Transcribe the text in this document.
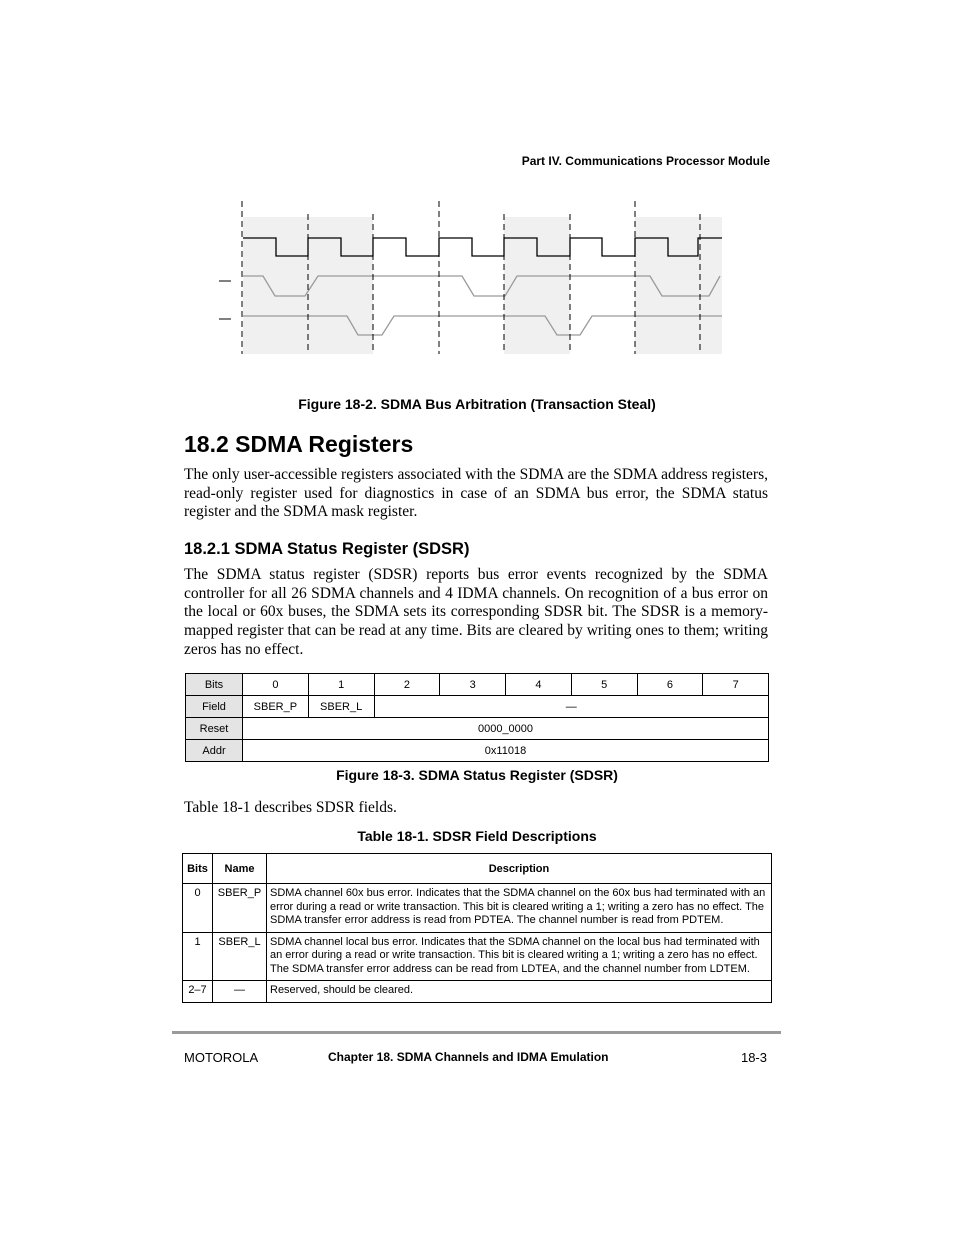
Part IV. Communications Processor Module
Figure 18-2. SDMA Bus Arbitration (Transaction Steal)
18.2 SDMA Registers

The only user-accessible registers associated with the SDMA are the SDMA address registers, read-only register used for diagnostics in case of an SDMA bus error, the SDMA status register and the SDMA mask register.

18.2.1 SDMA Status Register (SDSR)

The SDMA status register (SDSR) reports bus error events recognized by the SDMA controller for all 26 SDMA channels and 4 IDMA channels. On recognition of a bus error on the local or 60x buses, the SDMA sets its corresponding SDSR bit. The SDSR is a memory-mapped register that can be read at any time. Bits are cleared by writing ones to them; writing zeros has no effect.

Bits	0	1	2	3	4	5	6	7
Field	SBER_P	SBER_L	—					
Reset	0000_0000							
Addr	0x11018							
Figure 18-3. SDMA Status Register (SDSR)

Table 18-1 describes SDSR fields.

Table 18-1. SDSR Field Descriptions
Bits	Name	Description
0	SBER_P	SDMA channel 60x bus error. Indicates that the SDMA channel on the 60x bus had terminated with an error during a read or write transaction. This bit is cleared writing a 1; writing a zero has no effect. The SDMA transfer error address is read from PDTEA. The channel number is read from PDTEM.
1	SBER_L	SDMA channel local bus error. Indicates that the SDMA channel on the local bus had terminated with an error during a read or write transaction. This bit is cleared writing a 1; writing a zero has no effect. The SDMA transfer error address can be read from LDTEA, and the channel number from LDTEM.
2–7	—	Reserved, should be cleared.
MOTOROLA	Chapter 18. SDMA Channels and IDMA Emulation	18-3
